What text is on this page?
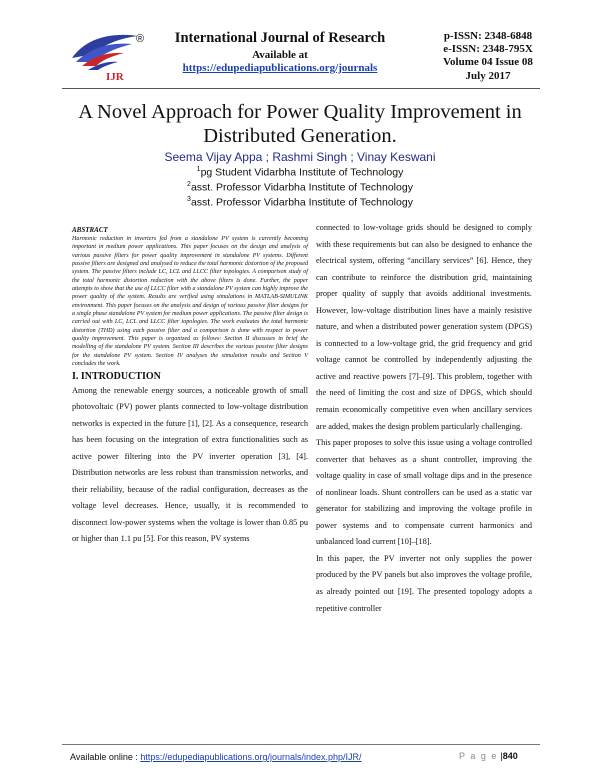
IJR
®	International Journal of Research
Available at
https://edupediapublications.org/journals
p-ISSN: 2348-6848
e-ISSN: 2348-795X
Volume 04 Issue 08
July 2017
A Novel Approach for Power Quality Improvement in Distributed Generation.
Seema Vijay Appa ; Rashmi Singh ; Vinay Keswani
$^1$pg Student Vidarbha Institute of Technology
$^2$asst. Professor Vidarbha Institute of Technology
$^3$asst. Professor Vidarbha Institute of Technology
ABSTRACT
Harmonic reduction in inverters fed from a standalone PV system is currently becoming important in medium power applications. This paper focuses on the design and analysis of various passive filters for power quality improvement in standalone PV systems. Different passive filters are designed and analysed to reduce the total harmonic distortion of the proposed system. The passive filters include LC, LCL and LLCC filter topologies. A comparison study of the total harmonic distortion reduction with the above filters is done. Further, the paper attempts to show that the use of LLCC filter with a standalone PV system can highly improve the power quality of the system. Results are verified using simulations in MATLAB-SIMULINK environment. This paper focuses on the analysis and design of various passive filter designs for a single phase standalone PV system for medium power applications. The passive filter design is carried out with LC, LCL and LLCC filter topologies. The work evaluates the total harmonic distortion (THD) using each passive filter and a comparison is done with respect to power quality improvement. This paper is organized as follows: Section II discusses in brief the modelling of the standalone PV system. Section III describes the various passive filter designs for the standalone PV system. Section IV analyses the simulation results and Section V concludes the work.
I. INTRODUCTION
Among the renewable energy sources, a noticeable growth of small photovoltaic (PV) power plants connected to low-voltage distribution networks is expected in the future [1], [2]. As a consequence, research has been focusing on the integration of extra functionalities such as active power filtering into the PV inverter operation [3], [4]. Distribution networks are less robust than transmission networks, and their reliability, because of the radial configuration, decreases as the voltage level decreases. Hence, usually, it is recommended to disconnect low-power systems when the voltage is lower than 0.85 pu or higher than 1.1 pu [5]. For this reason, PV systems
connected to low-voltage grids should be designed to comply with these requirements but can also be designed to enhance the electrical system, offering “ancillary services” [6]. Hence, they can contribute to reinforce the distribution grid, maintaining proper quality of supply that avoids additional investments. However, low-voltage distribution lines have a mainly resistive nature, and when a distributed power generation system (DPGS) is connected to a low-voltage grid, the grid frequency and grid voltage cannot be controlled by independently adjusting the active and reactive powers [7]–[9]. This problem, together with the need of limiting the cost and size of DPGS, which should remain economically competitive even when ancillary services are added, makes the design problem particularly challenging.
This paper proposes to solve this issue using a voltage controlled converter that behaves as a shunt controller, improving the voltage quality in case of small voltage dips and in the presence of nonlinear loads. Shunt controllers can be used as a static var generator for stabilizing and improving the voltage profile in power systems and to compensate current harmonics and unbalanced load current [10]–[18].
In this paper, the PV inverter not only supplies the power produced by the PV panels but also improves the voltage profile, as already pointed out [19]. The presented topology adopts a repetitive controller
Available online : https://edupediapublications.org/journals/index.php/IJR/	P a g e |840
